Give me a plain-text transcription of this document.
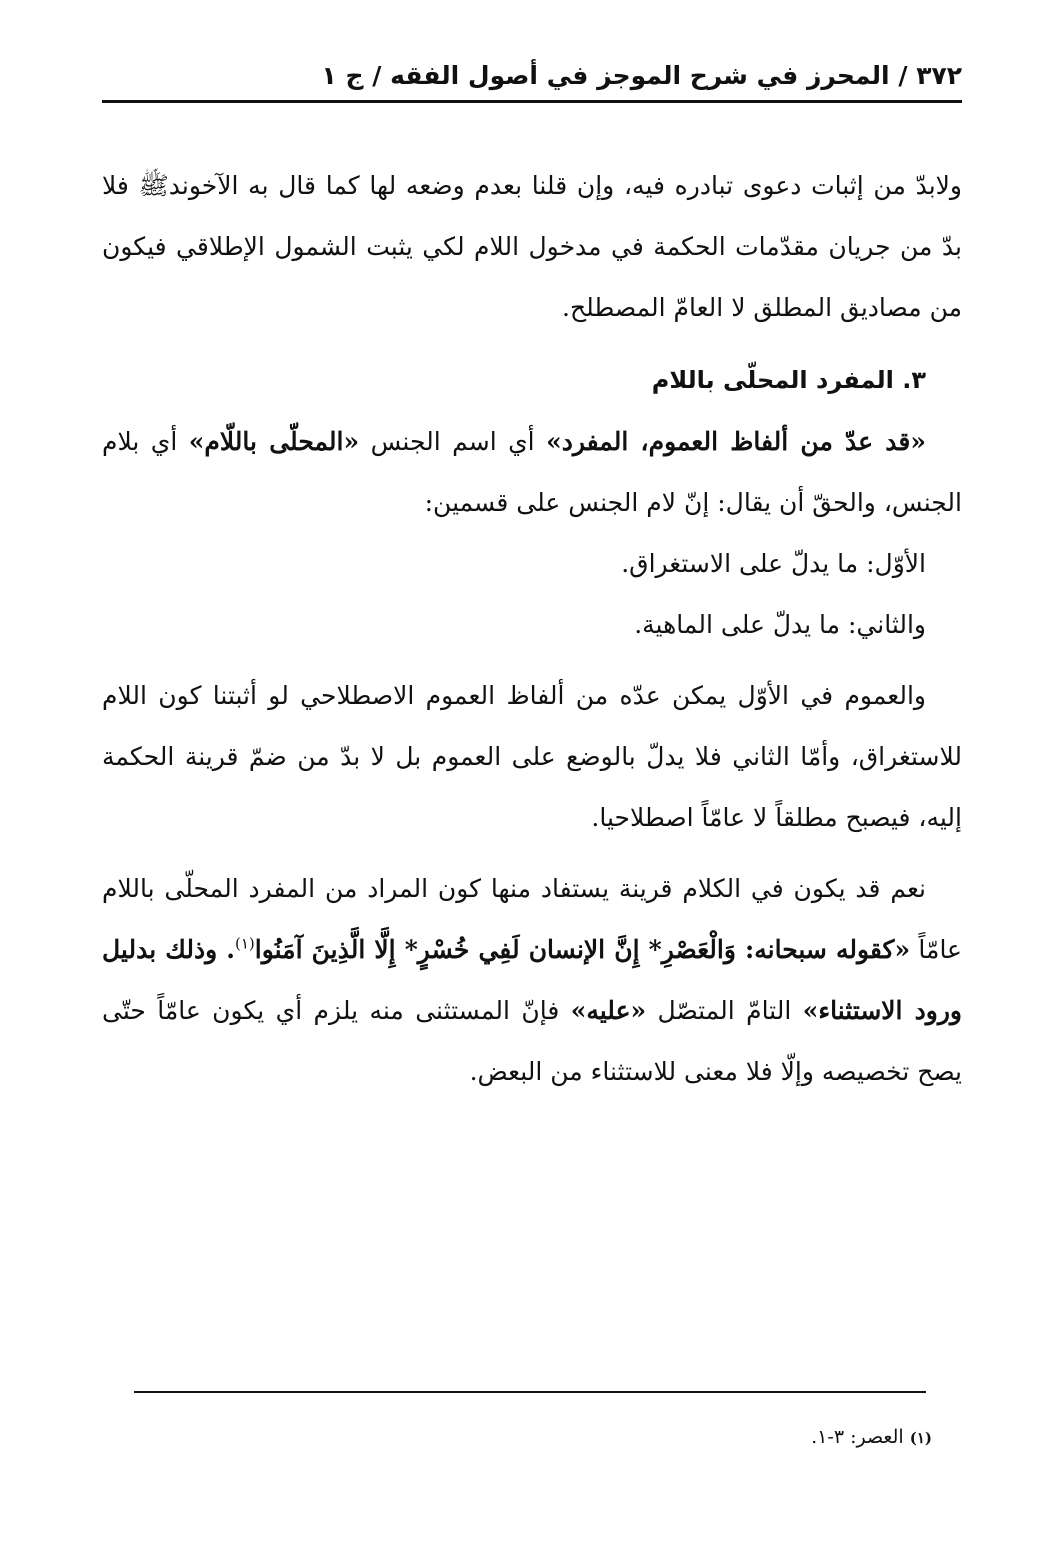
٣٧٢ / المحرز في شرح الموجز في أصول الفقه / ج ١

ولابدّ من إثبات دعوى تبادره فيه، وإن قلنا بعدم وضعه لها كما قال به الآخوندﷺ فلا بدّ من جريان مقدّمات الحكمة في مدخول اللام لكي يثبت الشمول الإطلاقي فيكون من مصاديق المطلق لا العامّ المصطلح.

٣. المفرد المحلّى باللام

«قد عدّ من ألفاظ العموم، المفرد» أي اسم الجنس «المحلّى باللّام» أي بلام الجنس، والحقّ أن يقال: إنّ لام الجنس على قسمين:

الأوّل: ما يدلّ على الاستغراق.

والثاني: ما يدلّ على الماهية.

والعموم في الأوّل يمكن عدّه من ألفاظ العموم الاصطلاحي لو أثبتنا كون اللام للاستغراق، وأمّا الثاني فلا يدلّ بالوضع على العموم بل لا بدّ من ضمّ قرينة الحكمة إليه، فيصبح مطلقاً لا عامّاً اصطلاحيا.

نعم قد يكون في الكلام قرينة يستفاد منها كون المراد من المفرد المحلّى باللام عامّاً «كقوله سبحانه: وَالْعَصْرِ* إِنَّ الإنسان لَفِي خُسْرٍ* إِلَّا الَّذِينَ آمَنُوا$^{(١)}$. وذلك بدليل ورود الاستثناء» التامّ المتصّل «عليه» فإنّ المستثنى منه يلزم أي يكون عامّاً حتّى يصح تخصيصه وإلّا فلا معنى للاستثناء من البعض.

(١) العصر: ٣-١.
